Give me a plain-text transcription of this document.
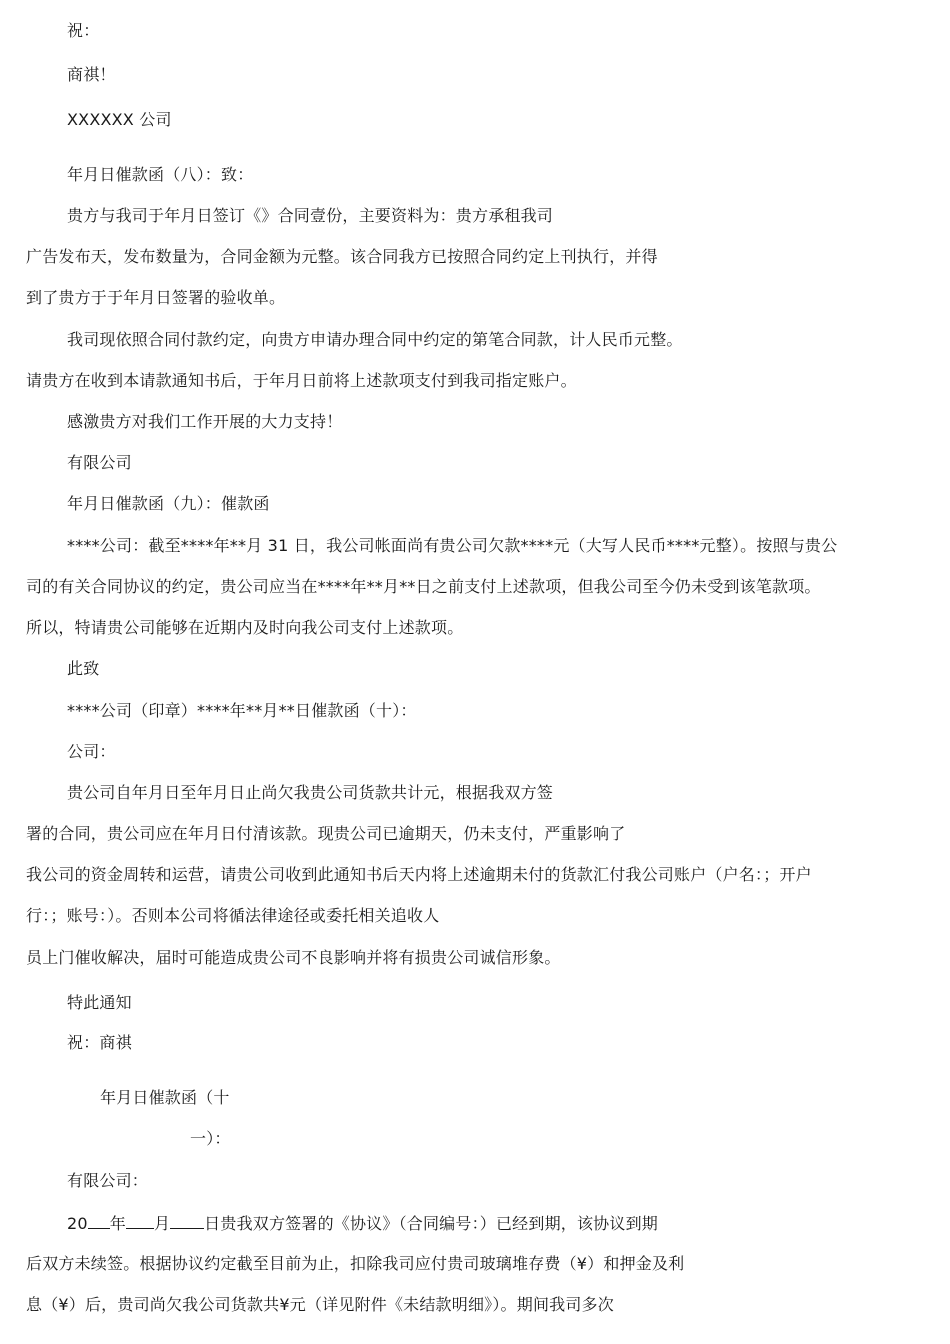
祝：
商祺！
XXXXXX 公司
年月日催款函（八）：致：
贵方与我司于年月日签订《》合同壹份，主要资料为：贵方承租我司
广告发布天，发布数量为，合同金额为元整。该合同我方已按照合同约定上刊执行，并得
到了贵方于于年月日签署的验收单。
我司现依照合同付款约定，向贵方申请办理合同中约定的第笔合同款，计人民币元整。
请贵方在收到本请款通知书后，于年月日前将上述款项支付到我司指定账户。
感激贵方对我们工作开展的大力支持！
有限公司
年月日催款函（九）：催款函
****公司：截至****年**月 31 日，我公司帐面尚有贵公司欠款****元（大写人民币****元整）。按照与贵公
司的有关合同协议的约定，贵公司应当在****年**月**日之前支付上述款项，但我公司至今仍未受到该笔款项。
所以，特请贵公司能够在近期内及时向我公司支付上述款项。
此致
****公司（印章）****年**月**日催款函（十）：
公司：
贵公司自年月日至年月日止尚欠我贵公司货款共计元，根据我双方签
署的合同，贵公司应在年月日付清该款。现贵公司已逾期天，仍未支付，严重影响了
我公司的资金周转和运营，请贵公司收到此通知书后天内将上述逾期未付的货款汇付我公司账户（户名：；开户
行：；账号：）。否则本公司将循法律途径或委托相关追收人
员上门催收解决，届时可能造成贵公司不良影响并将有损贵公司诚信形象。
特此通知
祝：商祺
年月日催款函（十
一）：
有限公司：
20 年 月 日贵我双方签署的《协议》（合同编号：）已经到期，该协议到期
后双方未续签。根据协议约定截至目前为止，扣除我司应付贵司玻璃堆存费（¥）和押金及利
息（¥）后，贵司尚欠我公司货款共¥元（详见附件《未结款明细》）。期间我司多次
